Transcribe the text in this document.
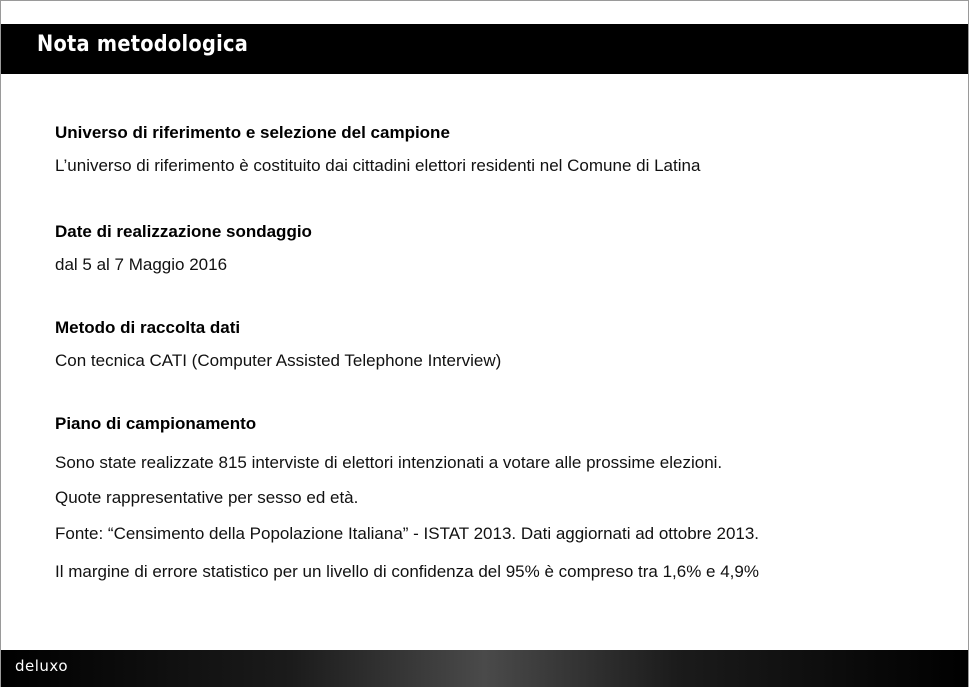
Nota metodologica
Universo di riferimento e selezione del campione
L’universo di riferimento è costituito dai cittadini elettori residenti nel Comune di Latina
Date di realizzazione sondaggio
dal 5 al 7 Maggio 2016
Metodo di raccolta dati
Con tecnica CATI (Computer Assisted Telephone Interview)
Piano di campionamento
Sono state realizzate 815 interviste di elettori intenzionati a votare alle prossime elezioni.
Quote rappresentative per sesso ed età.
Fonte: “Censimento della Popolazione Italiana” - ISTAT 2013. Dati aggiornati ad ottobre 2013.
Il margine di errore statistico per un livello di confidenza del 95% è compreso tra 1,6% e 4,9%
deluxo
